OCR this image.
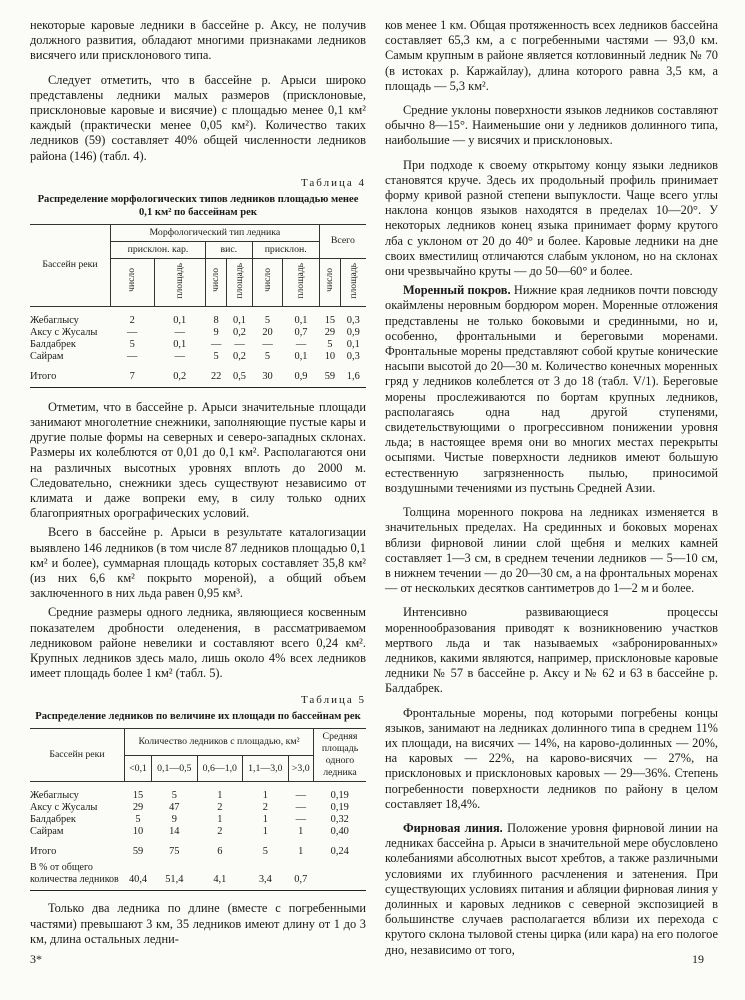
некоторые каровые ледники в бассейне р. Аксу, не получив должного развития, обладают многими признаками ледников висячего или присклонового типа.

Следует отметить, что в бассейне р. Арыси широко представлены ледники малых размеров (присклоновые, присклоновые каровые и висячие) с площадью менее 0,1 км² каждый (практически менее 0,05 км²). Количество таких ледников (59) составляет 40% общей численности ледников района (146) (табл. 4).

Таблица 4
Распределение морфологических типов ледников площадью менее 0,1 км² по бассейнам рек
Бассейн реки	Морфологический тип ледника						Всего	
	присклон. кар.		вис.		присклон.			
	число	площадь	число	площадь	число	площадь	число	площадь
Жебаглысу	2	0,1	8	0,1	5	0,1	15	0,3
Аксу с Жусалы	—	—	9	0,2	20	0,7	29	0,9
Балдабрек	5	0,1	—	—	—	—	5	0,1
Сайрам	—	—	5	0,2	5	0,1	10	0,3
Итого	7	0,2	22	0,5	30	0,9	59	1,6

Отметим, что в бассейне р. Арыси значительные площади занимают многолетние снежники, заполняющие пустые кары и другие полые формы на северных и северо-западных склонах. Размеры их колеблются от 0,01 до 0,1 км². Располагаются они на различных высотных уровнях вплоть до 2000 м. Следовательно, снежники здесь существуют независимо от климата и даже вопреки ему, в силу только одних благоприятных орографических условий.

Всего в бассейне р. Арыси в результате каталогизации выявлено 146 ледников (в том числе 87 ледников площадью 0,1 км² и более), суммарная площадь которых составляет 35,8 км² (из них 6,6 км² покрыто мореной), а общий объем заключенного в них льда равен 0,95 км³.

Средние размеры одного ледника, являющиеся косвенным показателем дробности оледенения, в рассматриваемом ледниковом районе невелики и составляют всего 0,24 км². Крупных ледников здесь мало, лишь около 4% всех ледников имеет площадь более 1 км² (табл. 5).

Таблица 5
Распределение ледников по величине их площади по бассейнам рек
Бассейн реки	Количество ледников с площадью, км²					Средняя площадь одного ледника
	<0,1	0,1—0,5	0,6—1,0	1,1—3,0	>3,0	
Жебаглысу	15	5	1	1	—	0,19
Аксу с Жусалы	29	47	2	2	—	0,19
Балдабрек	5	9	1	1	—	0,32
Сайрам	10	14	2	1	1	0,40
Итого	59	75	6	5	1	0,24
В % от общего количества ледников	40,4	51,4	4,1	3,4	0,7	

Только два ледника по длине (вместе с погребенными частями) превышают 3 км, 35 ледников имеют длину от 1 до 3 км, длина остальных ледни-

ков менее 1 км. Общая протяженность всех ледников бассейна составляет 65,3 км, а с погребенными частями — 93,0 км. Самым крупным в районе является котловинный ледник № 70 (в истоках р. Каржайлау), длина которого равна 3,5 км, а площадь — 5,3 км².

Средние уклоны поверхности языков ледников составляют обычно 8—15°. Наименьшие они у ледников долинного типа, наибольшие — у висячих и присклоновых.

При подходе к своему открытому концу языки ледников становятся круче. Здесь их продольный профиль принимает форму кривой разной степени выпуклости. Чаще всего углы наклона концов языков находятся в пределах 10—20°. У некоторых ледников конец языка принимает форму крутого лба с уклоном от 20 до 40° и более. Каровые ледники на дне своих вместилищ отличаются слабым уклоном, но на склонах они чрезвычайно круты — до 50—60° и более.

Моренный покров. Нижние края ледников почти повсюду окаймлены неровным бордюром морен. Моренные отложения представлены не только боковыми и срединными, но и, особенно, фронтальными и береговыми моренами. Фронтальные морены представляют собой крутые конические насыпи высотой до 20—30 м. Количество конечных моренных гряд у ледников колеблется от 3 до 18 (табл. V/1). Береговые морены прослеживаются по бортам крупных ледников, располагаясь одна над другой ступенями, свидетельствующими о прогрессивном понижении уровня льда; в настоящее время они во многих местах перекрыты осыпями. Чистые поверхности ледников имеют большую естественную загрязненность пылью, приносимой воздушными течениями из пустынь Средней Азии.

Толщина моренного покрова на ледниках изменяется в значительных пределах. На срединных и боковых моренах вблизи фирновой линии слой щебня и мелких камней составляет 1—3 см, в среднем течении ледников — 5—10 см, в нижнем течении — до 20—30 см, а на фронтальных моренах — от нескольких десятков сантиметров до 1—2 м и более.

Интенсивно развивающиеся процессы мореннообразования приводят к возникновению участков мертвого льда и так называемых «забронированных» ледников, какими являются, например, присклоновые каровые ледники № 57 в бассейне р. Аксу и № 62 и 63 в бассейне р. Балдабрек.

Фронтальные морены, под которыми погребены концы языков, занимают на ледниках долинного типа в среднем 11% их площади, на висячих — 14%, на карово-долинных — 20%, на каровых — 22%, на карово-висячих — 27%, на присклоновых и присклоновых каровых — 29—36%. Степень погребенности поверхности ледников по району в целом составляет 18,4%.

Фирновая линия. Положение уровня фирновой линии на ледниках бассейна р. Арыси в значительной мере обусловлено колебаниями абсолютных высот хребтов, а также различными условиями их глубинного расчленения и затенения. При существующих условиях питания и абляции фирновая линия у долинных и каровых ледников с северной экспозицией в большинстве случаев располагается вблизи их перехода с крутого склона тыловой стены цирка (или кара) на его пологое дно, независимо от того,

3*	19
